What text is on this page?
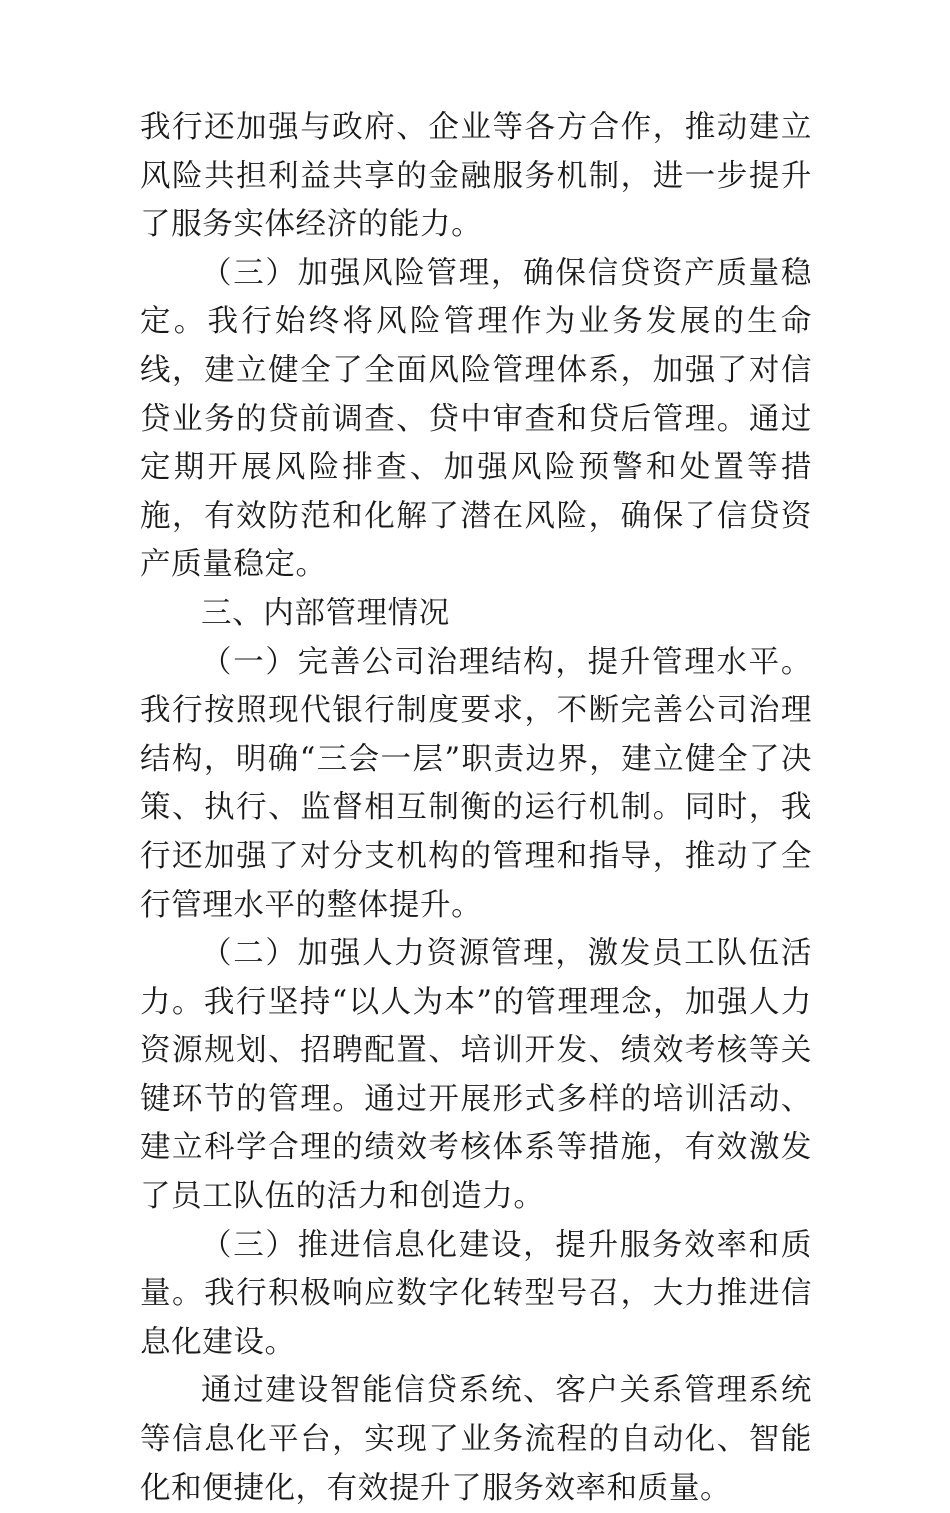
我行还加强与政府、企业等各方合作，推动建立风险共担利益共享的金融服务机制，进一步提升了服务实体经济的能力。

（三）加强风险管理，确保信贷资产质量稳定。我行始终将风险管理作为业务发展的生命线，建立健全了全面风险管理体系，加强了对信贷业务的贷前调查、贷中审查和贷后管理。通过定期开展风险排查、加强风险预警和处置等措施，有效防范和化解了潜在风险，确保了信贷资产质量稳定。

三、内部管理情况

（一）完善公司治理结构，提升管理水平。我行按照现代银行制度要求，不断完善公司治理结构，明确“三会一层”职责边界，建立健全了决策、执行、监督相互制衡的运行机制。同时，我行还加强了对分支机构的管理和指导，推动了全行管理水平的整体提升。

（二）加强人力资源管理，激发员工队伍活力。我行坚持“以人为本”的管理理念，加强人力资源规划、招聘配置、培训开发、绩效考核等关键环节的管理。通过开展形式多样的培训活动、建立科学合理的绩效考核体系等措施，有效激发了员工队伍的活力和创造力。

（三）推进信息化建设，提升服务效率和质量。我行积极响应数字化转型号召，大力推进信息化建设。

通过建设智能信贷系统、客户关系管理系统等信息化平台，实现了业务流程的自动化、智能化和便捷化，有效提升了服务效率和质量。
